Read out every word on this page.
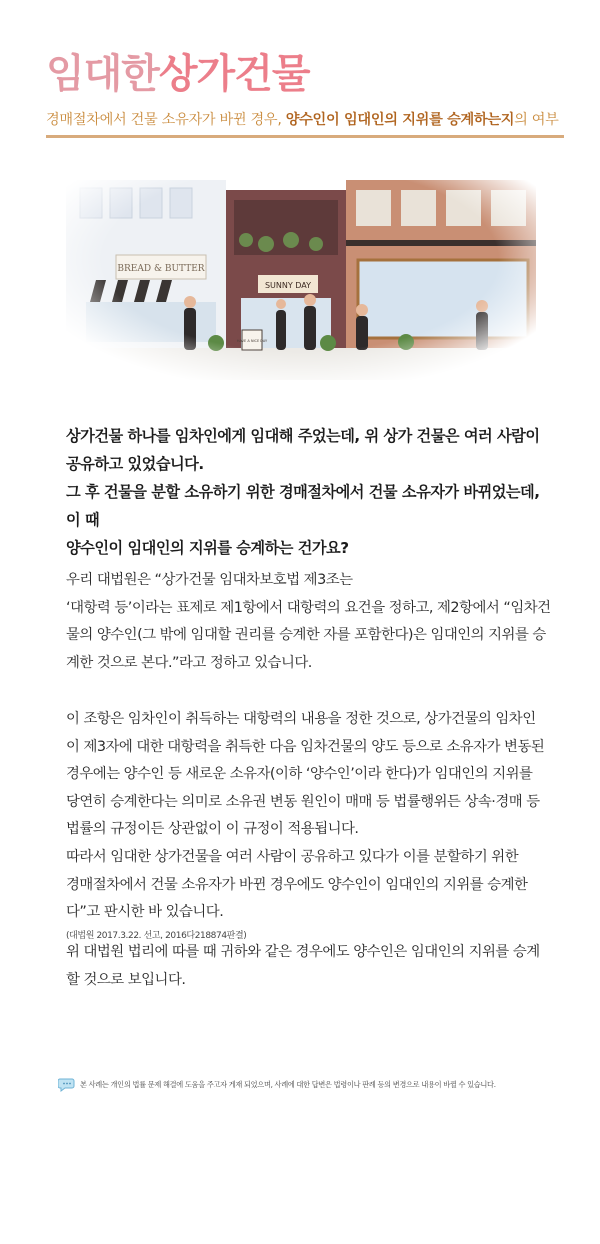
임대한상가건물
경매절차에서 건물 소유자가 바뀐 경우, 양수인이 임대인의 지위를 승계하는지의 여부

상가건물 하나를 임차인에게 임대해 주었는데, 위 상가 건물은 여러 사람이

공유하고 있었습니다.

그 후 건물을 분할 소유하기 위한 경매절차에서 건물 소유자가 바뀌었는데, 이 때

양수인이 임대인의 지위를 승계하는 건가요?

우리 대법원은 “상가건물 임대차보호법 제3조는

‘대항력 등’이라는 표제로 제1항에서 대항력의 요건을 정하고, 제2항에서 “임차건

물의 양수인(그 밖에 임대할 권리를 승계한 자를 포함한다)은 임대인의 지위를 승

계한 것으로 본다.”라고 정하고 있습니다.

이 조항은 임차인이 취득하는 대항력의 내용을 정한 것으로, 상가건물의 임차인

이 제3자에 대한 대항력을 취득한 다음 임차건물의 양도 등으로 소유자가 변동된

경우에는 양수인 등 새로운 소유자(이하 ‘양수인’이라 한다)가 임대인의 지위를

당연히 승계한다는 의미로 소유권 변동 원인이 매매 등 법률행위든 상속·경매 등

법률의 규정이든 상관없이 이 규정이 적용됩니다.

따라서 임대한 상가건물을 여러 사람이 공유하고 있다가 이를 분할하기 위한

경매절차에서 건물 소유자가 바뀐 경우에도 양수인이 임대인의 지위를 승계한

다”고 판시한 바 있습니다.

(대법원 2017.3.22. 선고, 2016다218874판결)

위 대법원 법리에 따를 때 귀하와 같은 경우에도 양수인은 임대인의 지위를 승계

할 것으로 보입니다.

본 사례는 개인의 법률 문제 해결에 도움을 주고자 게재 되었으며, 사례에 대한 답변은 법령이나 판례 등의 변경으로 내용이 바뀔 수 있습니다.
